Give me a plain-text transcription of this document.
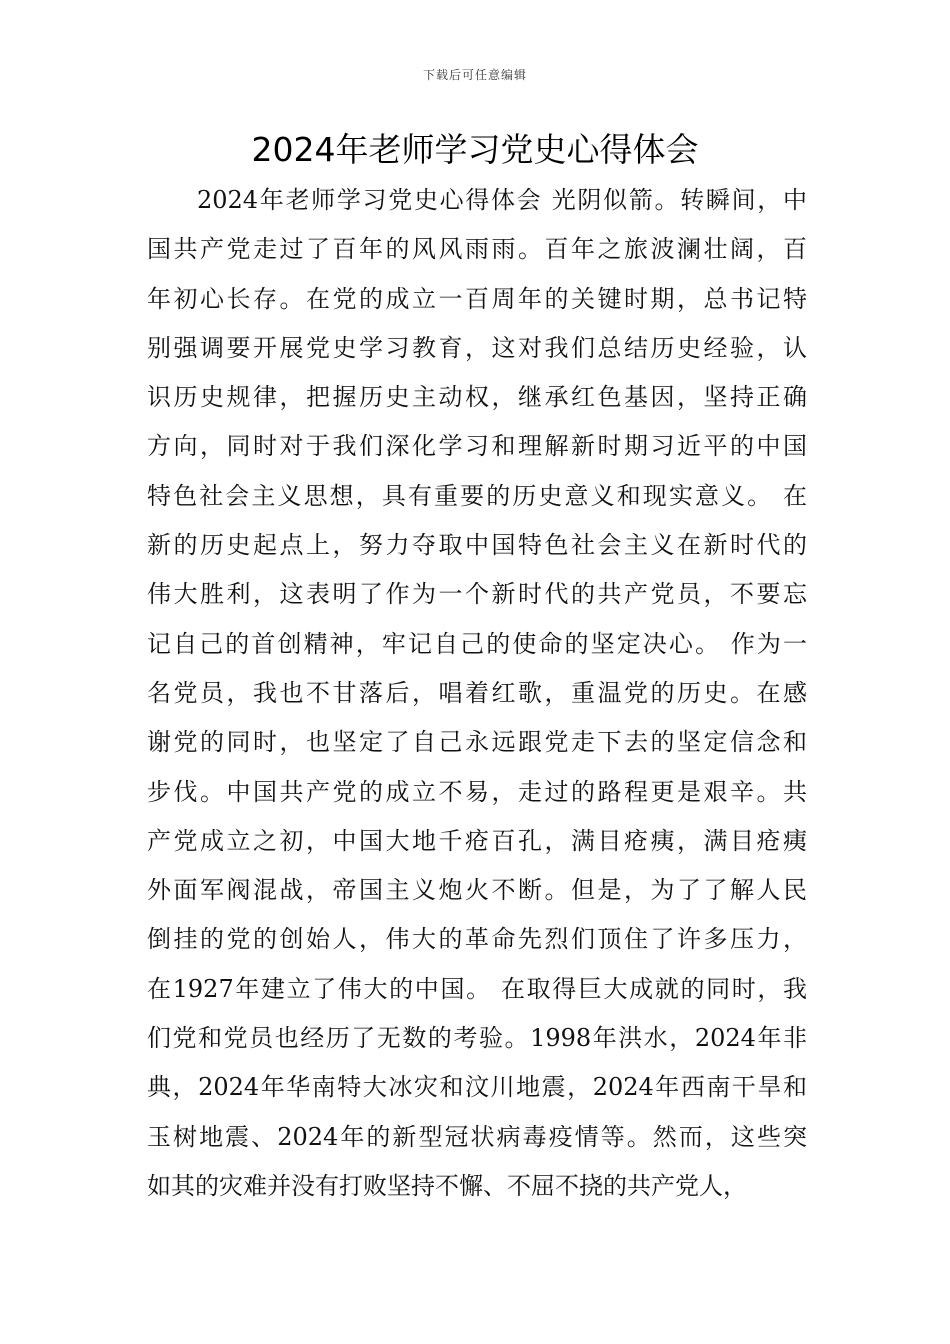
下载后可任意编辑
2024年老师学习党史心得体会
2024年老师学习党史心得体会 光阴似箭。转瞬间，中
国共产党走过了百年的风风雨雨。百年之旅波澜壮阔，百
年初心长存。在党的成立一百周年的关键时期，总书记特
别强调要开展党史学习教育，这对我们总结历史经验，认
识历史规律，把握历史主动权，继承红色基因，坚持正确
方向，同时对于我们深化学习和理解新时期习近平的中国
特色社会主义思想，具有重要的历史意义和现实意义。 在
新的历史起点上，努力夺取中国特色社会主义在新时代的
伟大胜利，这表明了作为一个新时代的共产党员，不要忘
记自己的首创精神，牢记自己的使命的坚定决心。 作为一
名党员，我也不甘落后，唱着红歌，重温党的历史。在感
谢党的同时，也坚定了自己永远跟党走下去的坚定信念和
步伐。中国共产党的成立不易，走过的路程更是艰辛。共
产党成立之初，中国大地千疮百孔，满目疮痍，满目疮痍
外面军阀混战，帝国主义炮火不断。但是，为了了解人民
倒挂的党的创始人，伟大的革命先烈们顶住了许多压力，
在1927年建立了伟大的中国。 在取得巨大成就的同时，我
们党和党员也经历了无数的考验。1998年洪水，2024年非
典，2024年华南特大冰灾和汶川地震，2024年西南干旱和
玉树地震、2024年的新型冠状病毒疫情等。然而，这些突
如其的灾难并没有打败坚持不懈、不屈不挠的共产党人，
